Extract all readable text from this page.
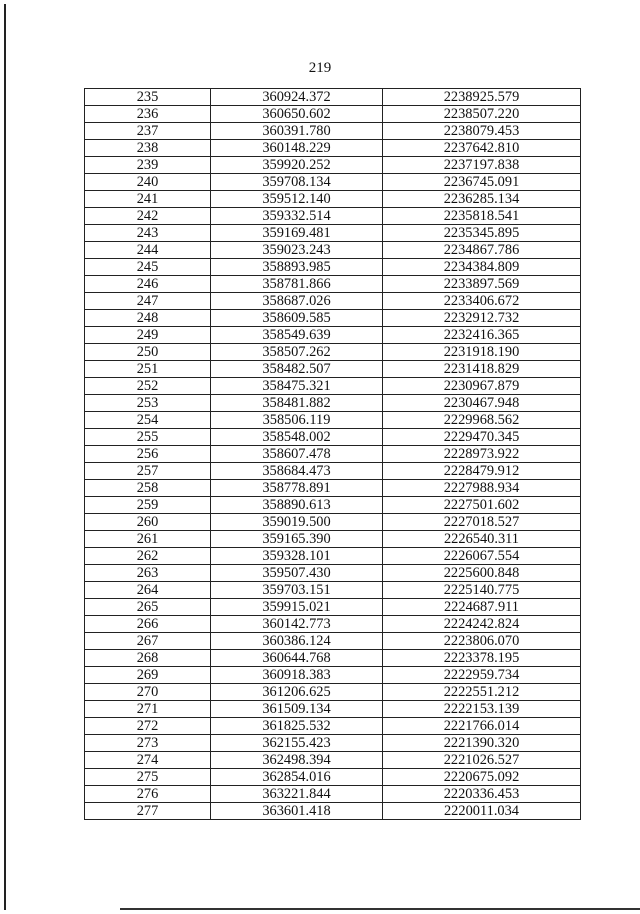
219
235	360924.372	2238925.579
236	360650.602	2238507.220
237	360391.780	2238079.453
238	360148.229	2237642.810
239	359920.252	2237197.838
240	359708.134	2236745.091
241	359512.140	2236285.134
242	359332.514	2235818.541
243	359169.481	2235345.895
244	359023.243	2234867.786
245	358893.985	2234384.809
246	358781.866	2233897.569
247	358687.026	2233406.672
248	358609.585	2232912.732
249	358549.639	2232416.365
250	358507.262	2231918.190
251	358482.507	2231418.829
252	358475.321	2230967.879
253	358481.882	2230467.948
254	358506.119	2229968.562
255	358548.002	2229470.345
256	358607.478	2228973.922
257	358684.473	2228479.912
258	358778.891	2227988.934
259	358890.613	2227501.602
260	359019.500	2227018.527
261	359165.390	2226540.311
262	359328.101	2226067.554
263	359507.430	2225600.848
264	359703.151	2225140.775
265	359915.021	2224687.911
266	360142.773	2224242.824
267	360386.124	2223806.070
268	360644.768	2223378.195
269	360918.383	2222959.734
270	361206.625	2222551.212
271	361509.134	2222153.139
272	361825.532	2221766.014
273	362155.423	2221390.320
274	362498.394	2221026.527
275	362854.016	2220675.092
276	363221.844	2220336.453
277	363601.418	2220011.034
